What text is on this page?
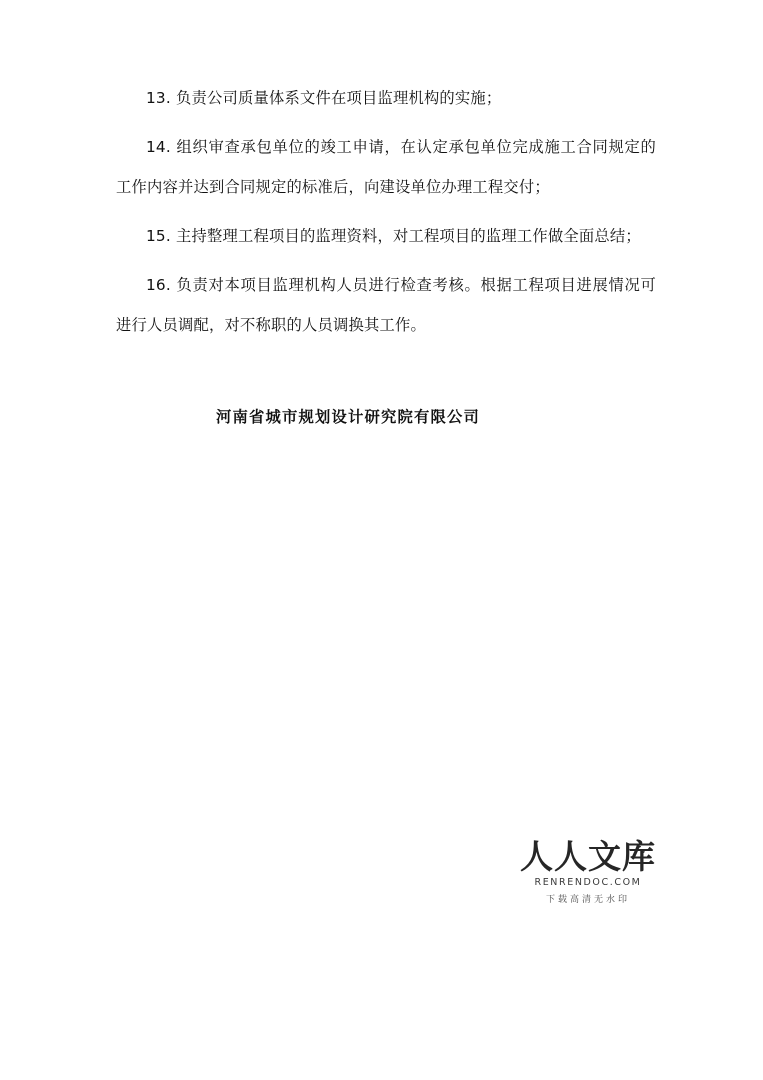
13. 负责公司质量体系文件在项目监理机构的实施；

14. 组织审查承包单位的竣工申请，在认定承包单位完成施工合同规定的工作内容并达到合同规定的标准后，向建设单位办理工程交付；

15. 主持整理工程项目的监理资料，对工程项目的监理工作做全面总结；

16. 负责对本项目监理机构人员进行检查考核。根据工程项目进展情况可进行人员调配，对不称职的人员调换其工作。

河南省城市规划设计研究院有限公司
人人文库
RENRENDOC.COM
下载高清无水印
